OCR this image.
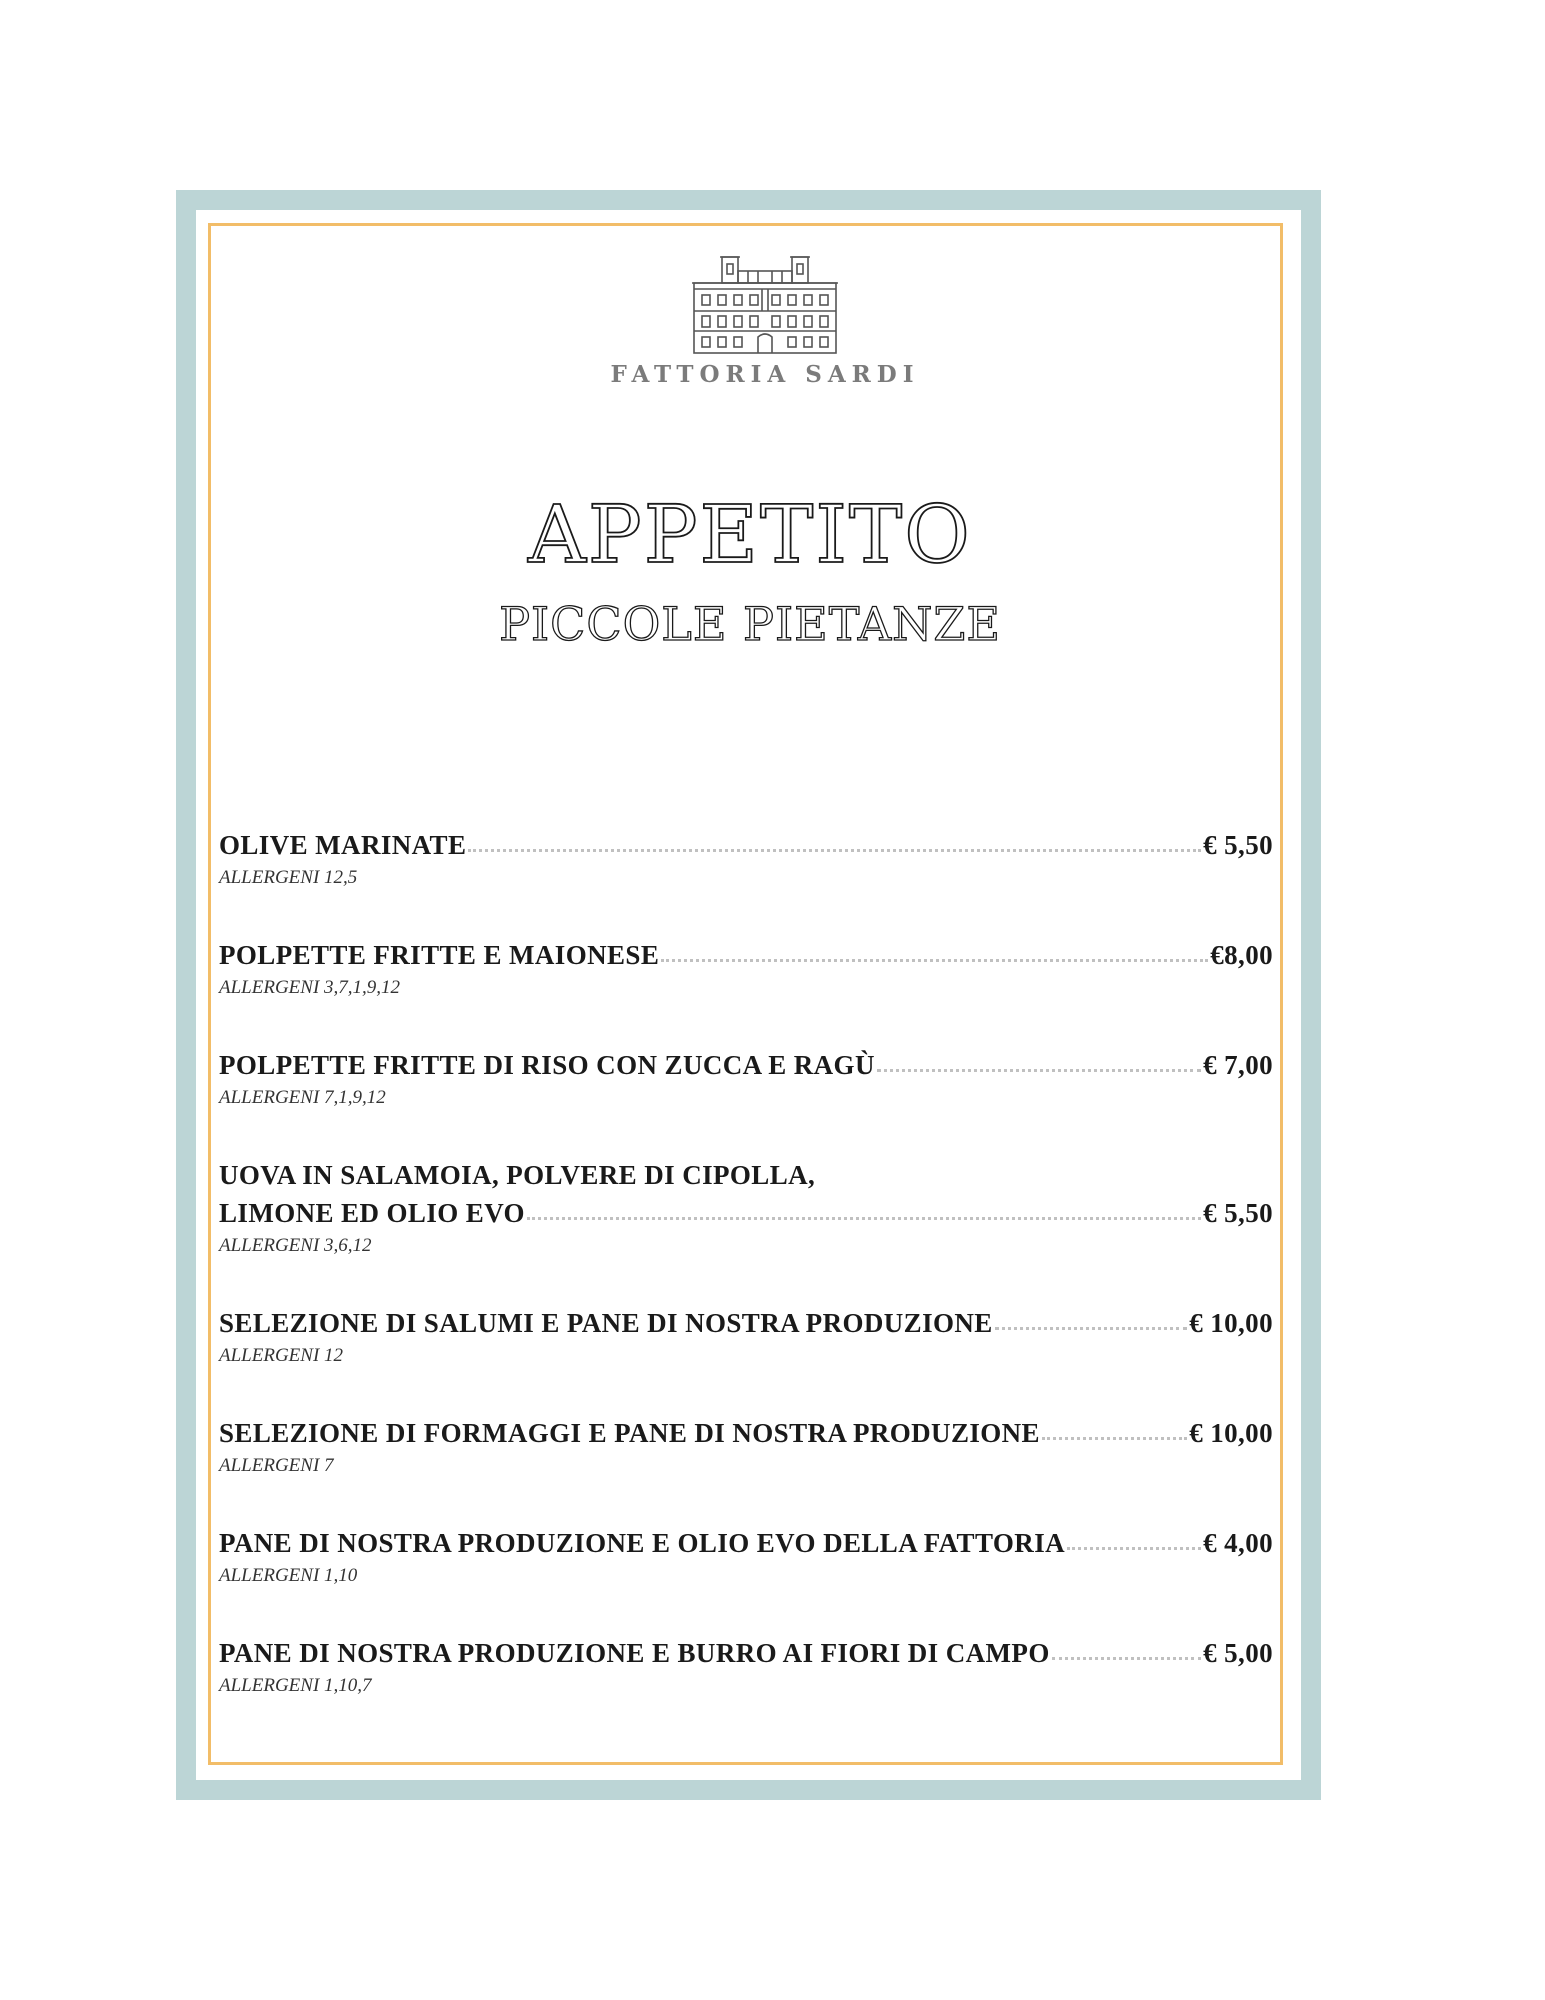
FATTORIA SARDI
APPETITO
PICCOLE PIETANZE
OLIVE MARINATE	€ 5,50
ALLERGENI 12,5
POLPETTE FRITTE E MAIONESE	€8,00
ALLERGENI 3,7,1,9,12
POLPETTE FRITTE DI RISO CON ZUCCA E RAGÙ	€ 7,00
ALLERGENI 7,1,9,12
UOVA IN SALAMOIA, POLVERE DI CIPOLLA,
LIMONE ED OLIO EVO	€ 5,50
ALLERGENI 3,6,12
SELEZIONE DI SALUMI E PANE DI NOSTRA PRODUZIONE	€ 10,00
ALLERGENI 12
SELEZIONE DI FORMAGGI E PANE DI NOSTRA PRODUZIONE	€ 10,00
ALLERGENI 7
PANE DI NOSTRA PRODUZIONE E OLIO EVO DELLA FATTORIA	€ 4,00
ALLERGENI 1,10
PANE DI NOSTRA PRODUZIONE E BURRO AI FIORI DI CAMPO	€ 5,00
ALLERGENI 1,10,7
